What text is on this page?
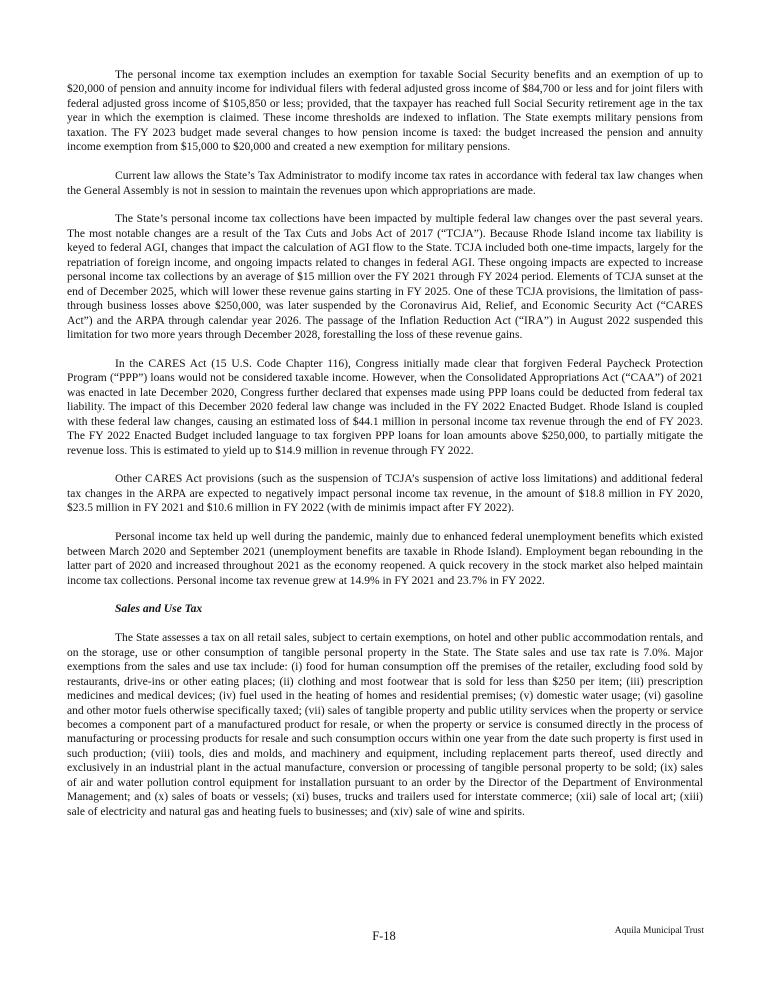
The personal income tax exemption includes an exemption for taxable Social Security benefits and an exemption of up to $20,000 of pension and annuity income for individual filers with federal adjusted gross income of $84,700 or less and for joint filers with federal adjusted gross income of $105,850 or less; provided, that the taxpayer has reached full Social Security retirement age in the tax year in which the exemption is claimed. These income thresholds are indexed to inflation. The State exempts military pensions from taxation. The FY 2023 budget made several changes to how pension income is taxed: the budget increased the pension and annuity income exemption from $15,000 to $20,000 and created a new exemption for military pensions.

Current law allows the State’s Tax Administrator to modify income tax rates in accordance with federal tax law changes when the General Assembly is not in session to maintain the revenues upon which appropriations are made.

The State’s personal income tax collections have been impacted by multiple federal law changes over the past several years. The most notable changes are a result of the Tax Cuts and Jobs Act of 2017 (“TCJA”). Because Rhode Island income tax liability is keyed to federal AGI, changes that impact the calculation of AGI flow to the State. TCJA included both one-time impacts, largely for the repatriation of foreign income, and ongoing impacts related to changes in federal AGI. These ongoing impacts are expected to increase personal income tax collections by an average of $15 million over the FY 2021 through FY 2024 period. Elements of TCJA sunset at the end of December 2025, which will lower these revenue gains starting in FY 2025. One of these TCJA provisions, the limitation of pass-through business losses above $250,000, was later suspended by the Coronavirus Aid, Relief, and Economic Security Act (“CARES Act”) and the ARPA through calendar year 2026. The passage of the Inflation Reduction Act (“IRA”) in August 2022 suspended this limitation for two more years through December 2028, forestalling the loss of these revenue gains.

In the CARES Act (15 U.S. Code Chapter 116), Congress initially made clear that forgiven Federal Paycheck Protection Program (“PPP”) loans would not be considered taxable income. However, when the Consolidated Appropriations Act (“CAA”) of 2021 was enacted in late December 2020, Congress further declared that expenses made using PPP loans could be deducted from federal tax liability. The impact of this December 2020 federal law change was included in the FY 2022 Enacted Budget. Rhode Island is coupled with these federal law changes, causing an estimated loss of $44.1 million in personal income tax revenue through the end of FY 2023. The FY 2022 Enacted Budget included language to tax forgiven PPP loans for loan amounts above $250,000, to partially mitigate the revenue loss. This is estimated to yield up to $14.9 million in revenue through FY 2022.

Other CARES Act provisions (such as the suspension of TCJA’s suspension of active loss limitations) and additional federal tax changes in the ARPA are expected to negatively impact personal income tax revenue, in the amount of $18.8 million in FY 2020, $23.5 million in FY 2021 and $10.6 million in FY 2022 (with de minimis impact after FY 2022).

Personal income tax held up well during the pandemic, mainly due to enhanced federal unemployment benefits which existed between March 2020 and September 2021 (unemployment benefits are taxable in Rhode Island). Employment began rebounding in the latter part of 2020 and increased throughout 2021 as the economy reopened. A quick recovery in the stock market also helped maintain income tax collections. Personal income tax revenue grew at 14.9% in FY 2021 and 23.7% in FY 2022.

Sales and Use Tax

The State assesses a tax on all retail sales, subject to certain exemptions, on hotel and other public accommodation rentals, and on the storage, use or other consumption of tangible personal property in the State. The State sales and use tax rate is 7.0%. Major exemptions from the sales and use tax include: (i) food for human consumption off the premises of the retailer, excluding food sold by restaurants, drive-ins or other eating places; (ii) clothing and most footwear that is sold for less than $250 per item; (iii) prescription medicines and medical devices; (iv) fuel used in the heating of homes and residential premises; (v) domestic water usage; (vi) gasoline and other motor fuels otherwise specifically taxed; (vii) sales of tangible property and public utility services when the property or service becomes a component part of a manufactured product for resale, or when the property or service is consumed directly in the process of manufacturing or processing products for resale and such consumption occurs within one year from the date such property is first used in such production; (viii) tools, dies and molds, and machinery and equipment, including replacement parts thereof, used directly and exclusively in an industrial plant in the actual manufacture, conversion or processing of tangible personal property to be sold; (ix) sales of air and water pollution control equipment for installation pursuant to an order by the Director of the Department of Environmental Management; and (x) sales of boats or vessels; (xi) buses, trucks and trailers used for interstate commerce; (xii) sale of local art; (xiii) sale of electricity and natural gas and heating fuels to businesses; and (xiv) sale of wine and spirits.

F-18	Aquila Municipal Trust
